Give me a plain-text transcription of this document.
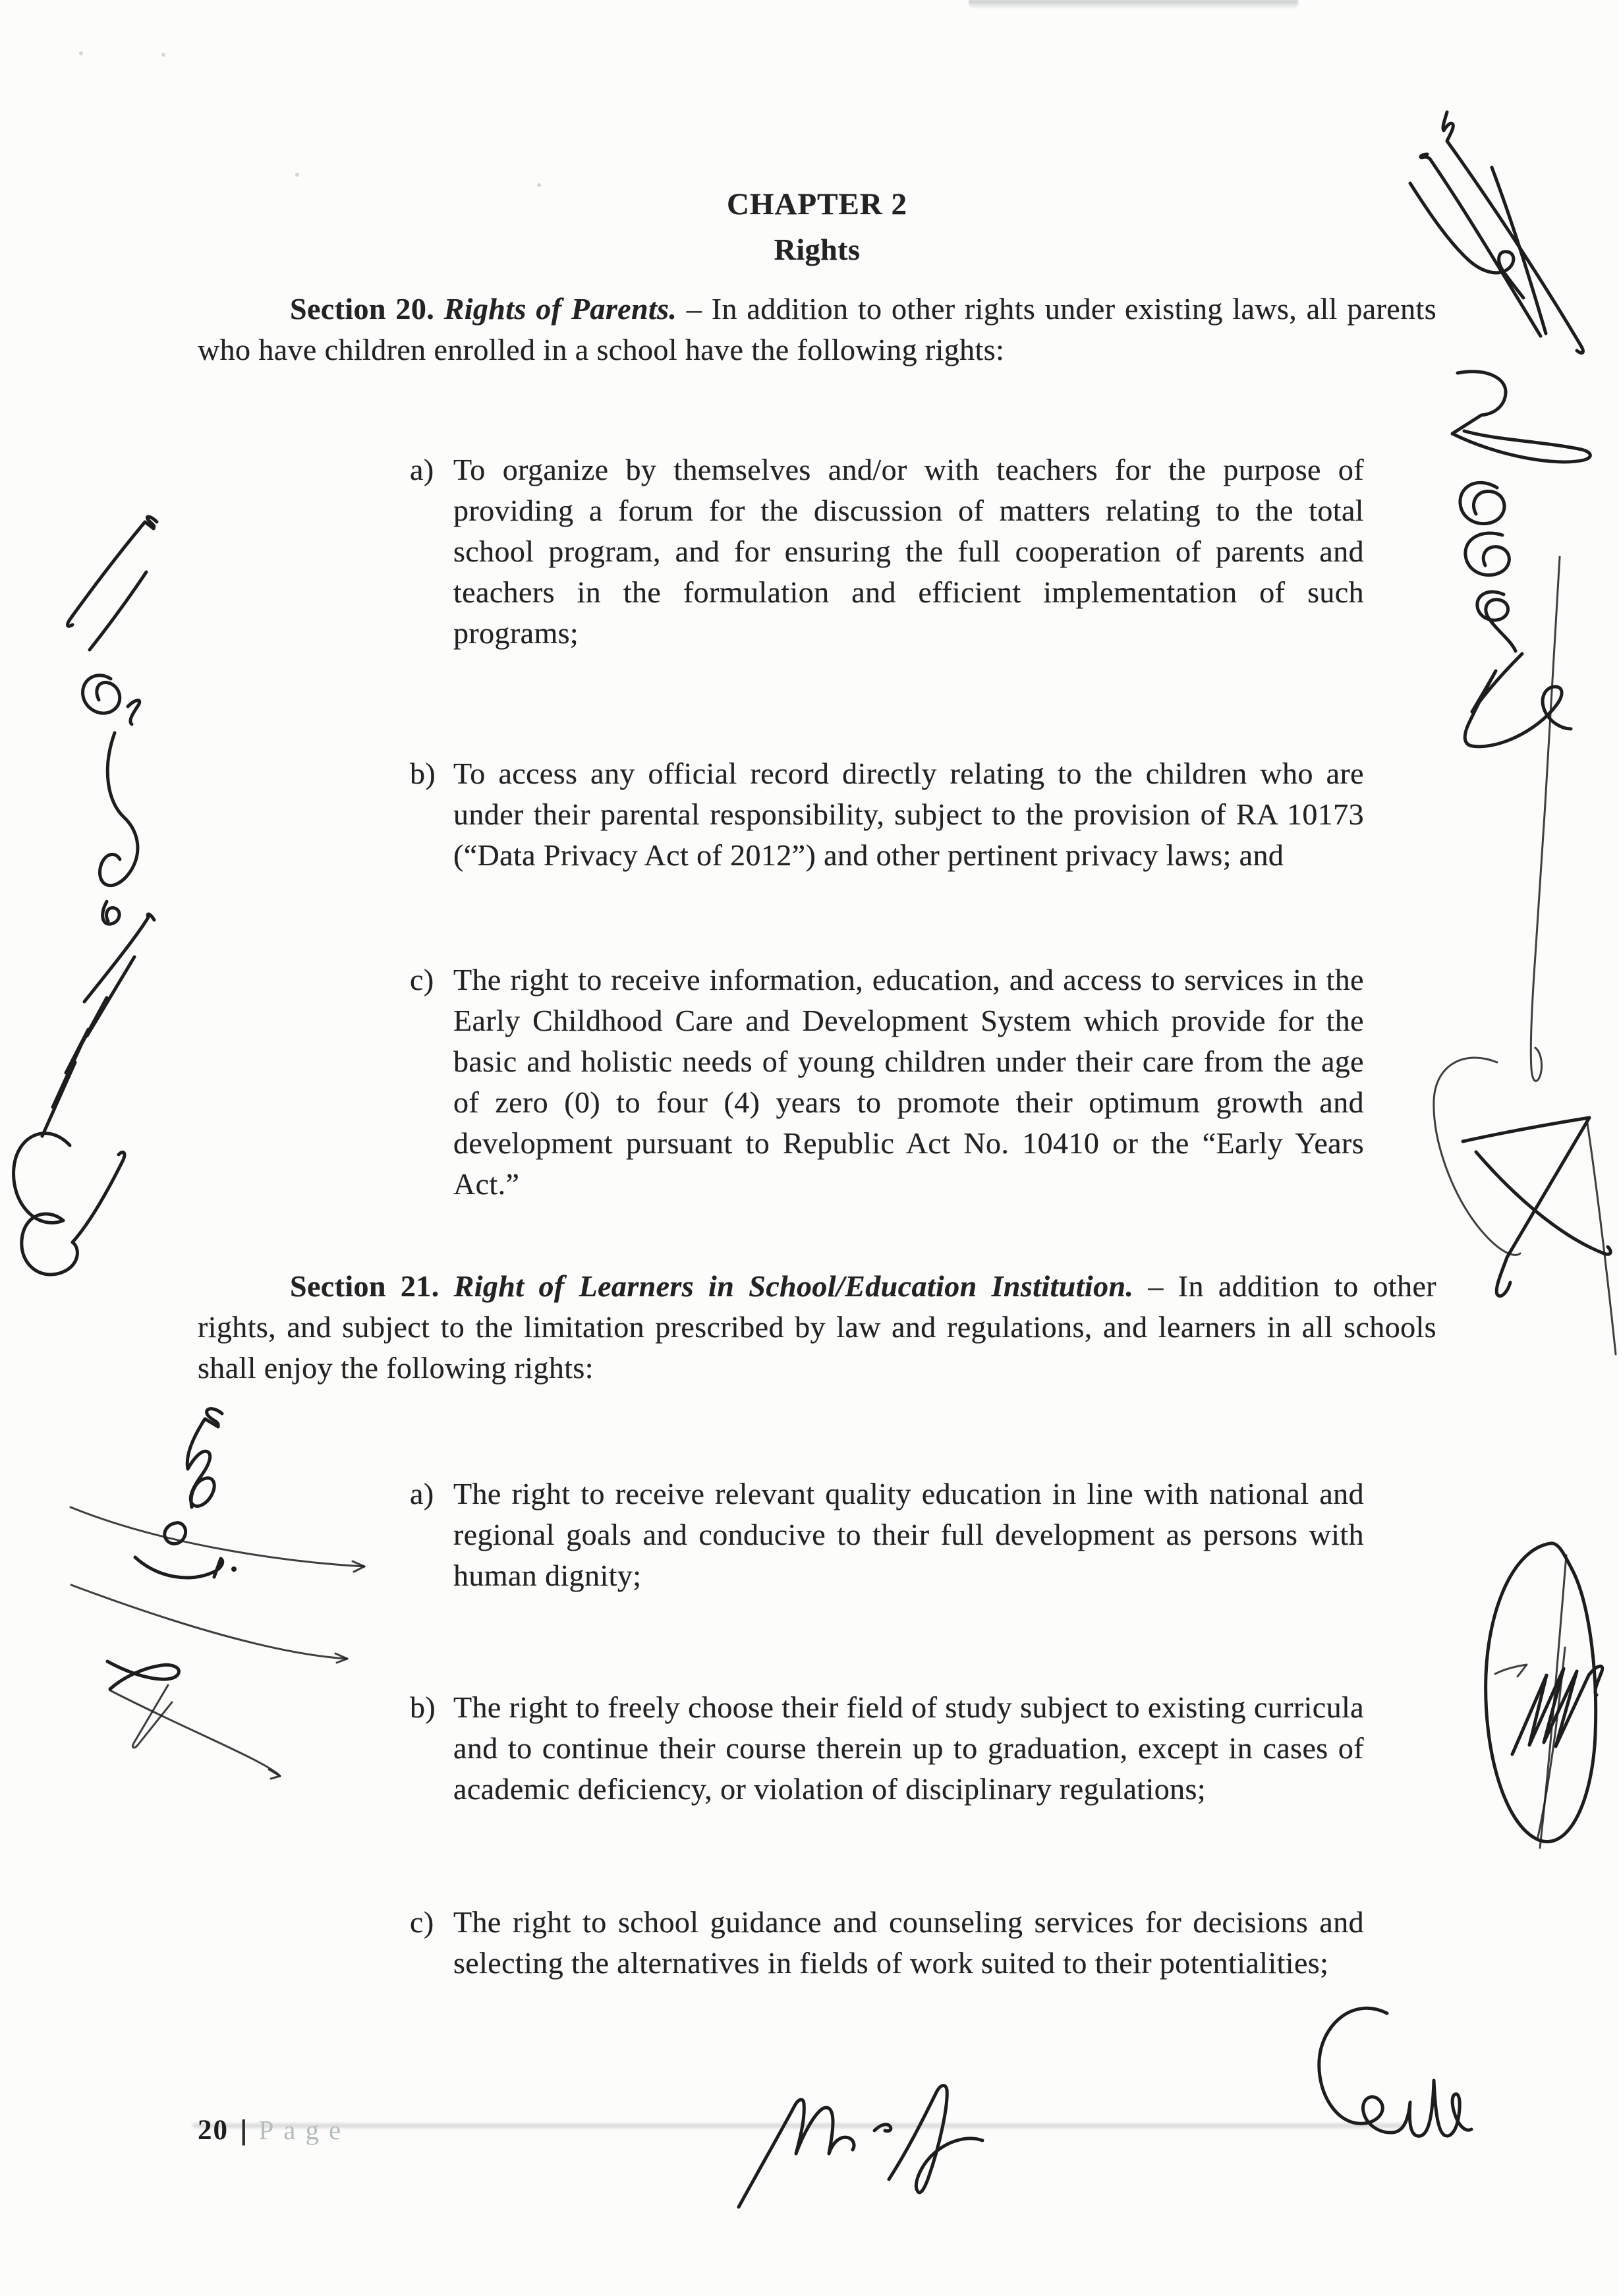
CHAPTER 2
Rights

Section 20. Rights of Parents. – In addition to other rights under existing laws, all parents who have children enrolled in a school have the following rights:

a) To organize by themselves and/or with teachers for the purpose of providing a forum for the discussion of matters relating to the total school program, and for ensuring the full cooperation of parents and teachers in the formulation and efficient implementation of such programs;

b) To access any official record directly relating to the children who are under their parental responsibility, subject to the provision of RA 10173 (“Data Privacy Act of 2012”) and other pertinent privacy laws; and

c) The right to receive information, education, and access to services in the Early Childhood Care and Development System which provide for the basic and holistic needs of young children under their care from the age of zero (0) to four (4) years to promote their optimum growth and development pursuant to Republic Act No. 10410 or the “Early Years Act.”

Section 21. Right of Learners in School/Education Institution. – In addition to other rights, and subject to the limitation prescribed by law and regulations, and learners in all schools shall enjoy the following rights:

a) The right to receive relevant quality education in line with national and regional goals and conducive to their full development as persons with human dignity;

b) The right to freely choose their field of study subject to existing curricula and to continue their course therein up to graduation, except in cases of academic deficiency, or violation of disciplinary regulations;

c) The right to school guidance and counseling services for decisions and selecting the alternatives in fields of work suited to their potentialities;

20 | Page
